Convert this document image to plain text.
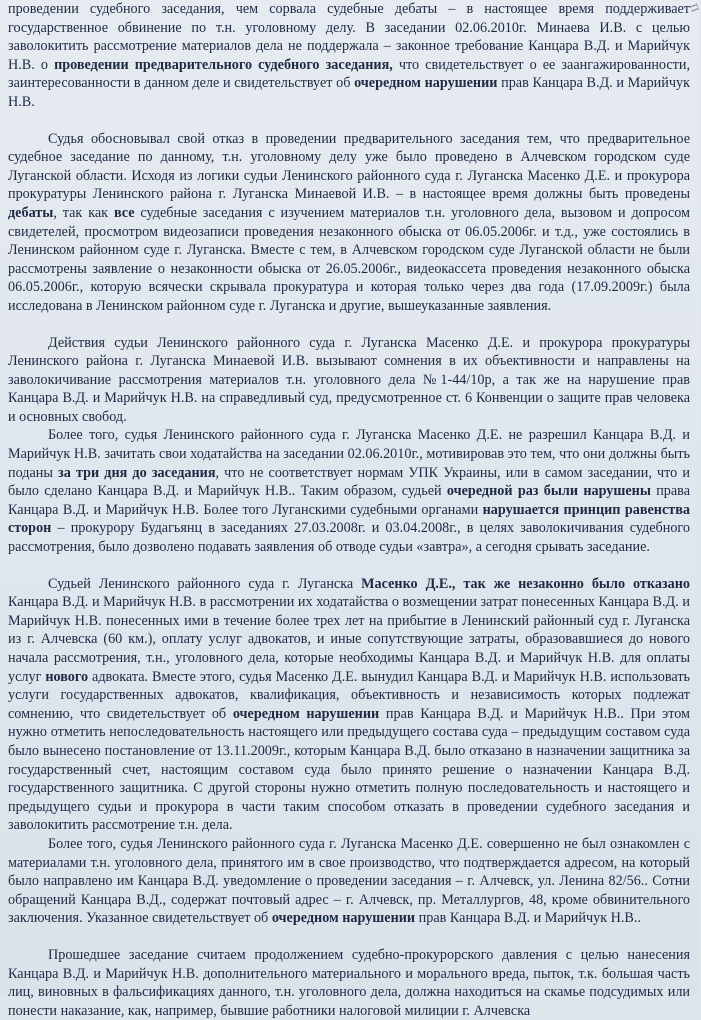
П

проведении судебного заседания, чем сорвала судебные дебаты – в настоящее время поддерживает государственное обвинение по т.н. уголовному делу. В заседании 02.06.2010г. Минаева И.В. с целью заволокитить рассмотрение материалов дела не поддержала – законное требование Канцара В.Д. и Марийчук Н.В. о проведении предварительного судебного заседания, что свидетельствует о ее заангажированности, заинтересованности в данном деле и свидетельствует об очередном нарушении прав Канцара В.Д. и Марийчук Н.В.

Судья обосновывал свой отказ в проведении предварительного заседания тем, что предварительное судебное заседание по данному, т.н. уголовному делу уже было проведено в Алчевском городском суде Луганской области. Исходя из логики судьи Ленинского районного суда г. Луганска Масенко Д.Е. и прокурора прокуратуры Ленинского района г. Луганска Минаевой И.В. – в настоящее время должны быть проведены дебаты, так как все судебные заседания с изучением материалов т.н. уголовного дела, вызовом и допросом свидетелей, просмотром видеозаписи проведения незаконного обыска от 06.05.2006г. и т.д., уже состоялись в Ленинском районном суде г. Луганска. Вместе с тем, в Алчевском городском суде Луганской области не были рассмотрены заявление о незаконности обыска от 26.05.2006г., видеокассета проведения незаконного обыска 06.05.2006г., которую всячески скрывала прокуратура и которая только через два года (17.09.2009г.) была исследована в Ленинском районном суде г. Луганска и другие, вышеуказанные заявления.

Действия судьи Ленинского районного суда г. Луганска Масенко Д.Е. и прокурора прокуратуры Ленинского района г. Луганска Минаевой И.В. вызывают сомнения в их объективности и направлены на заволокичивание рассмотрения материалов т.н. уголовного дела №1-44/10р, а так же на нарушение прав Канцара В.Д. и Марийчук Н.В. на справедливый суд, предусмотренное ст. 6 Конвенции о защите прав человека и основных свобод.

Более того, судья Ленинского районного суда г. Луганска Масенко Д.Е. не разрешил Канцара В.Д. и Марийчук Н.В. зачитать свои ходатайства на заседании 02.06.2010г., мотивировав это тем, что они должны быть поданы за три дня до заседания, что не соответствует нормам УПК Украины, или в самом заседании, что и было сделано Канцара В.Д. и Марийчук Н.В.. Таким образом, судьей очередной раз были нарушены права Канцара В.Д. и Марийчук Н.В. Более того Луганскими судебными органами нарушается принцип равенства сторон – прокурору Будагьянц в заседаниях 27.03.2008г. и 03.04.2008г., в целях заволокичивания судебного рассмотрения, было дозволено подавать заявления об отводе судьи «завтра», а сегодня срывать заседание.

Судьей Ленинского районного суда г. Луганска Масенко Д.Е., так же незаконно было отказано Канцара В.Д. и Марийчук Н.В. в рассмотрении их ходатайства о возмещении затрат понесенных Канцара В.Д. и Марийчук Н.В. понесенных ими в течение более трех лет на прибытие в Ленинский районный суд г. Луганска из г. Алчевска (60 км.), оплату услуг адвокатов, и иные сопутствующие затраты, образовавшиеся до нового начала рассмотрения, т.н., уголовного дела, которые необходимы Канцара В.Д. и Марийчук Н.В. для оплаты услуг нового адвоката. Вместе этого, судья Масенко Д.Е. вынудил Канцара В.Д. и Марийчук Н.В. использовать услуги государственных адвокатов, квалификация, объективность и независимость которых подлежат сомнению, что свидетельствует об очередном нарушении прав Канцара В.Д. и Марийчук Н.В.. При этом нужно отметить непоследовательность настоящего или предыдущего состава суда – предыдущим составом суда было вынесено постановление от 13.11.2009г., которым Канцара В.Д. было отказано в назначении защитника за государственный счет, настоящим составом суда было принято решение о назначении Канцара В.Д. государственного защитника. С другой стороны нужно отметить полную последовательность и настоящего и предыдущего судьи и прокурора в части таким способом отказать в проведении судебного заседания и заволокитить рассмотрение т.н. дела.

Более того, судья Ленинского районного суда г. Луганска Масенко Д.Е. совершенно не был ознакомлен с материалами т.н. уголовного дела, принятого им в свое производство, что подтверждается адресом, на который было направлено им Канцара В.Д. уведомление о проведении заседания – г. Алчевск, ул. Ленина 82/56.. Сотни обращений Канцара В.Д., содержат почтовый адрес – г. Алчевск, пр. Металлургов, 48, кроме обвинительного заключения. Указанное свидетельствует об очередном нарушении прав Канцара В.Д. и Марийчук Н.В..

Прошедшее заседание считаем продолжением судебно-прокурорского давления с целью нанесения Канцара В.Д. и Марийчук Н.В. дополнительного материального и морального вреда, пыток, т.к. большая часть лиц, виновных в фальсификациях данного, т.н. уголовного дела, должна находиться на скамье подсудимых или понести наказание, как, например, бывшие работники налоговой милиции г. Алчевска
